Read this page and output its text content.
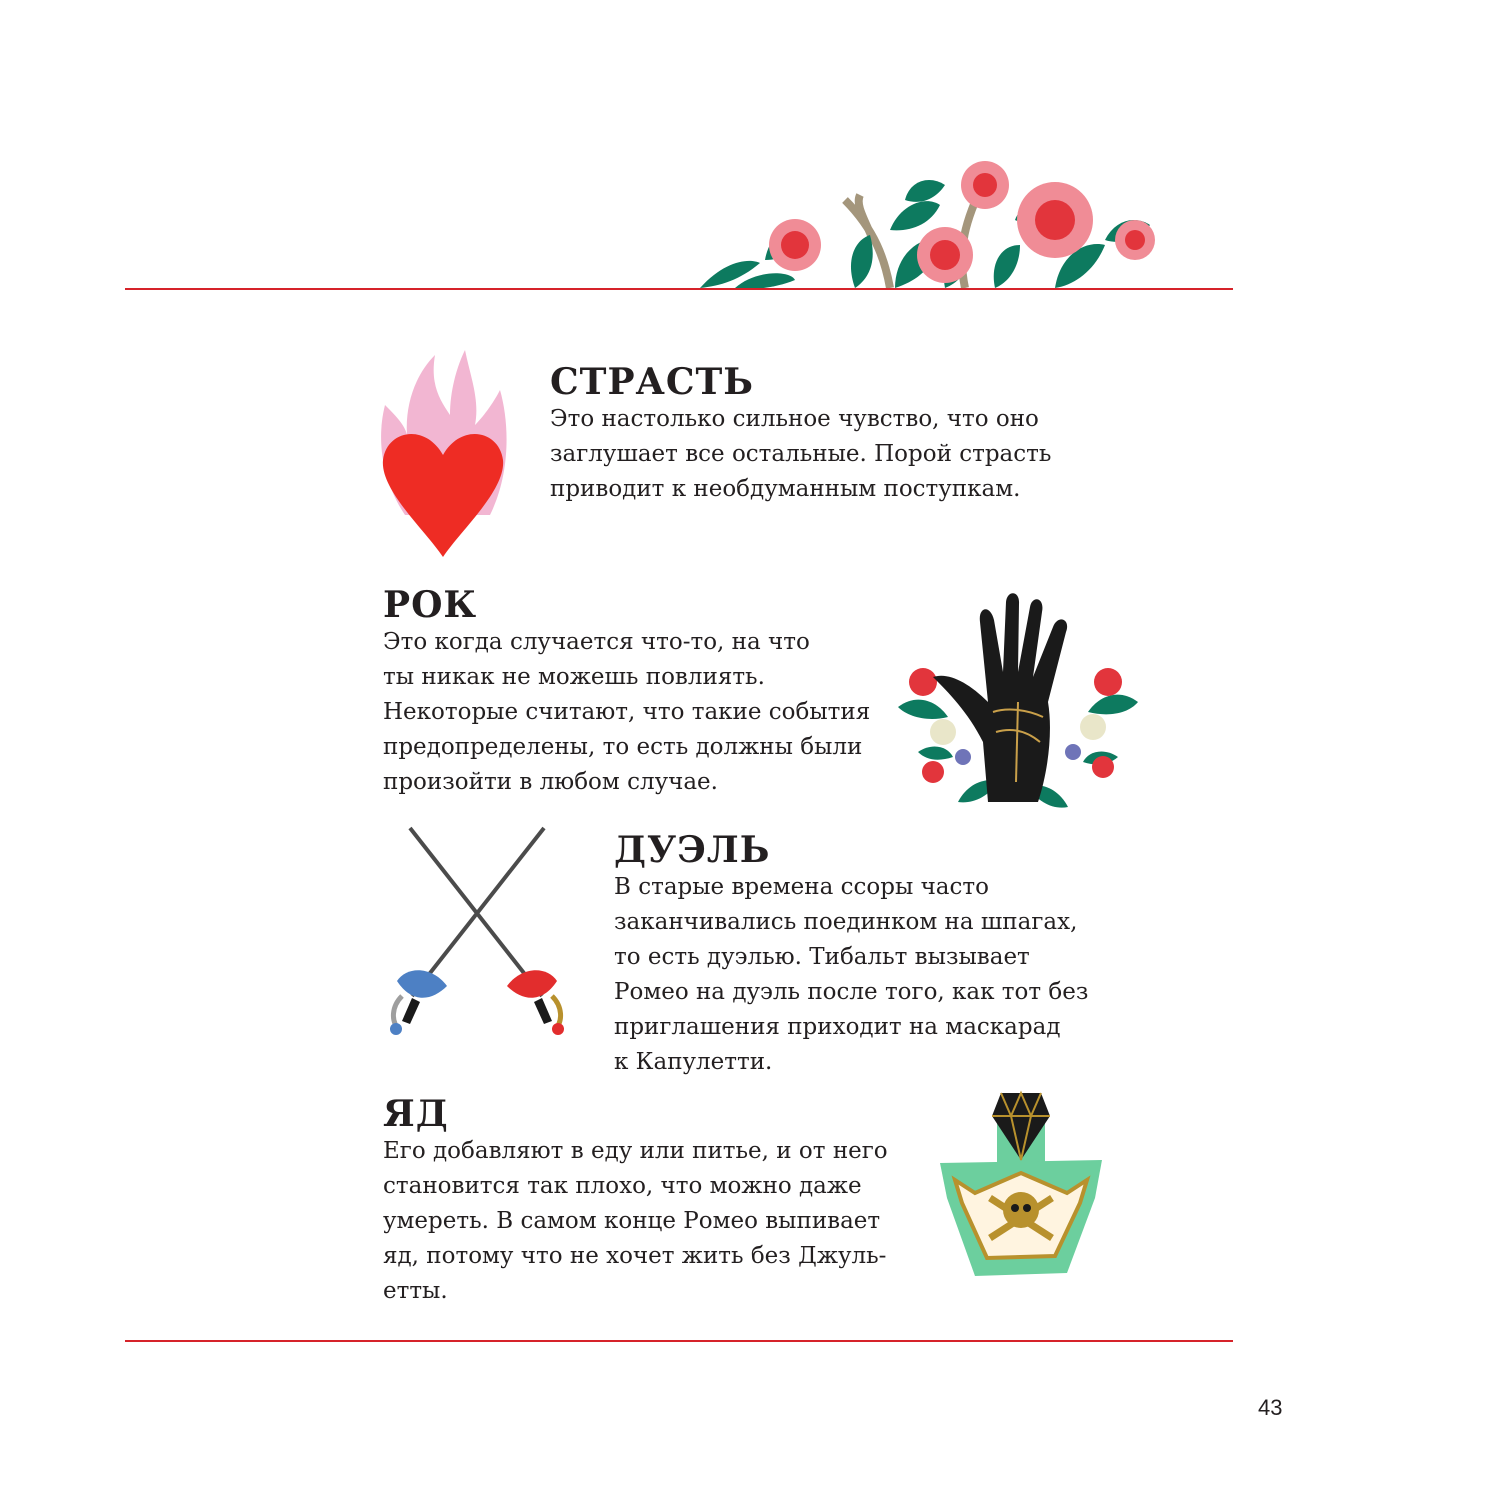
СТРАСТЬ

Это настолько сильное чувство, что оно
заглушает все остальные. Порой страсть
приводит к необдуманным поступкам.

РОК

Это когда случается что-то, на что
ты никак не можешь повлиять.
Некоторые считают, что такие события
предопределены, то есть должны были
произойти в любом случае.

ДУЭЛЬ

В старые времена ссоры часто
заканчивались поединком на шпагах,
то есть дуэлью. Тибальт вызывает
Ромео на дуэль после того, как тот без
приглашения приходит на маскарад
к Капулетти.

ЯД

Его добавляют в еду или питье, и от него
становится так плохо, что можно даже
умереть. В самом конце Ромео выпивает
яд, потому что не хочет жить без Джуль-
етты.

43
